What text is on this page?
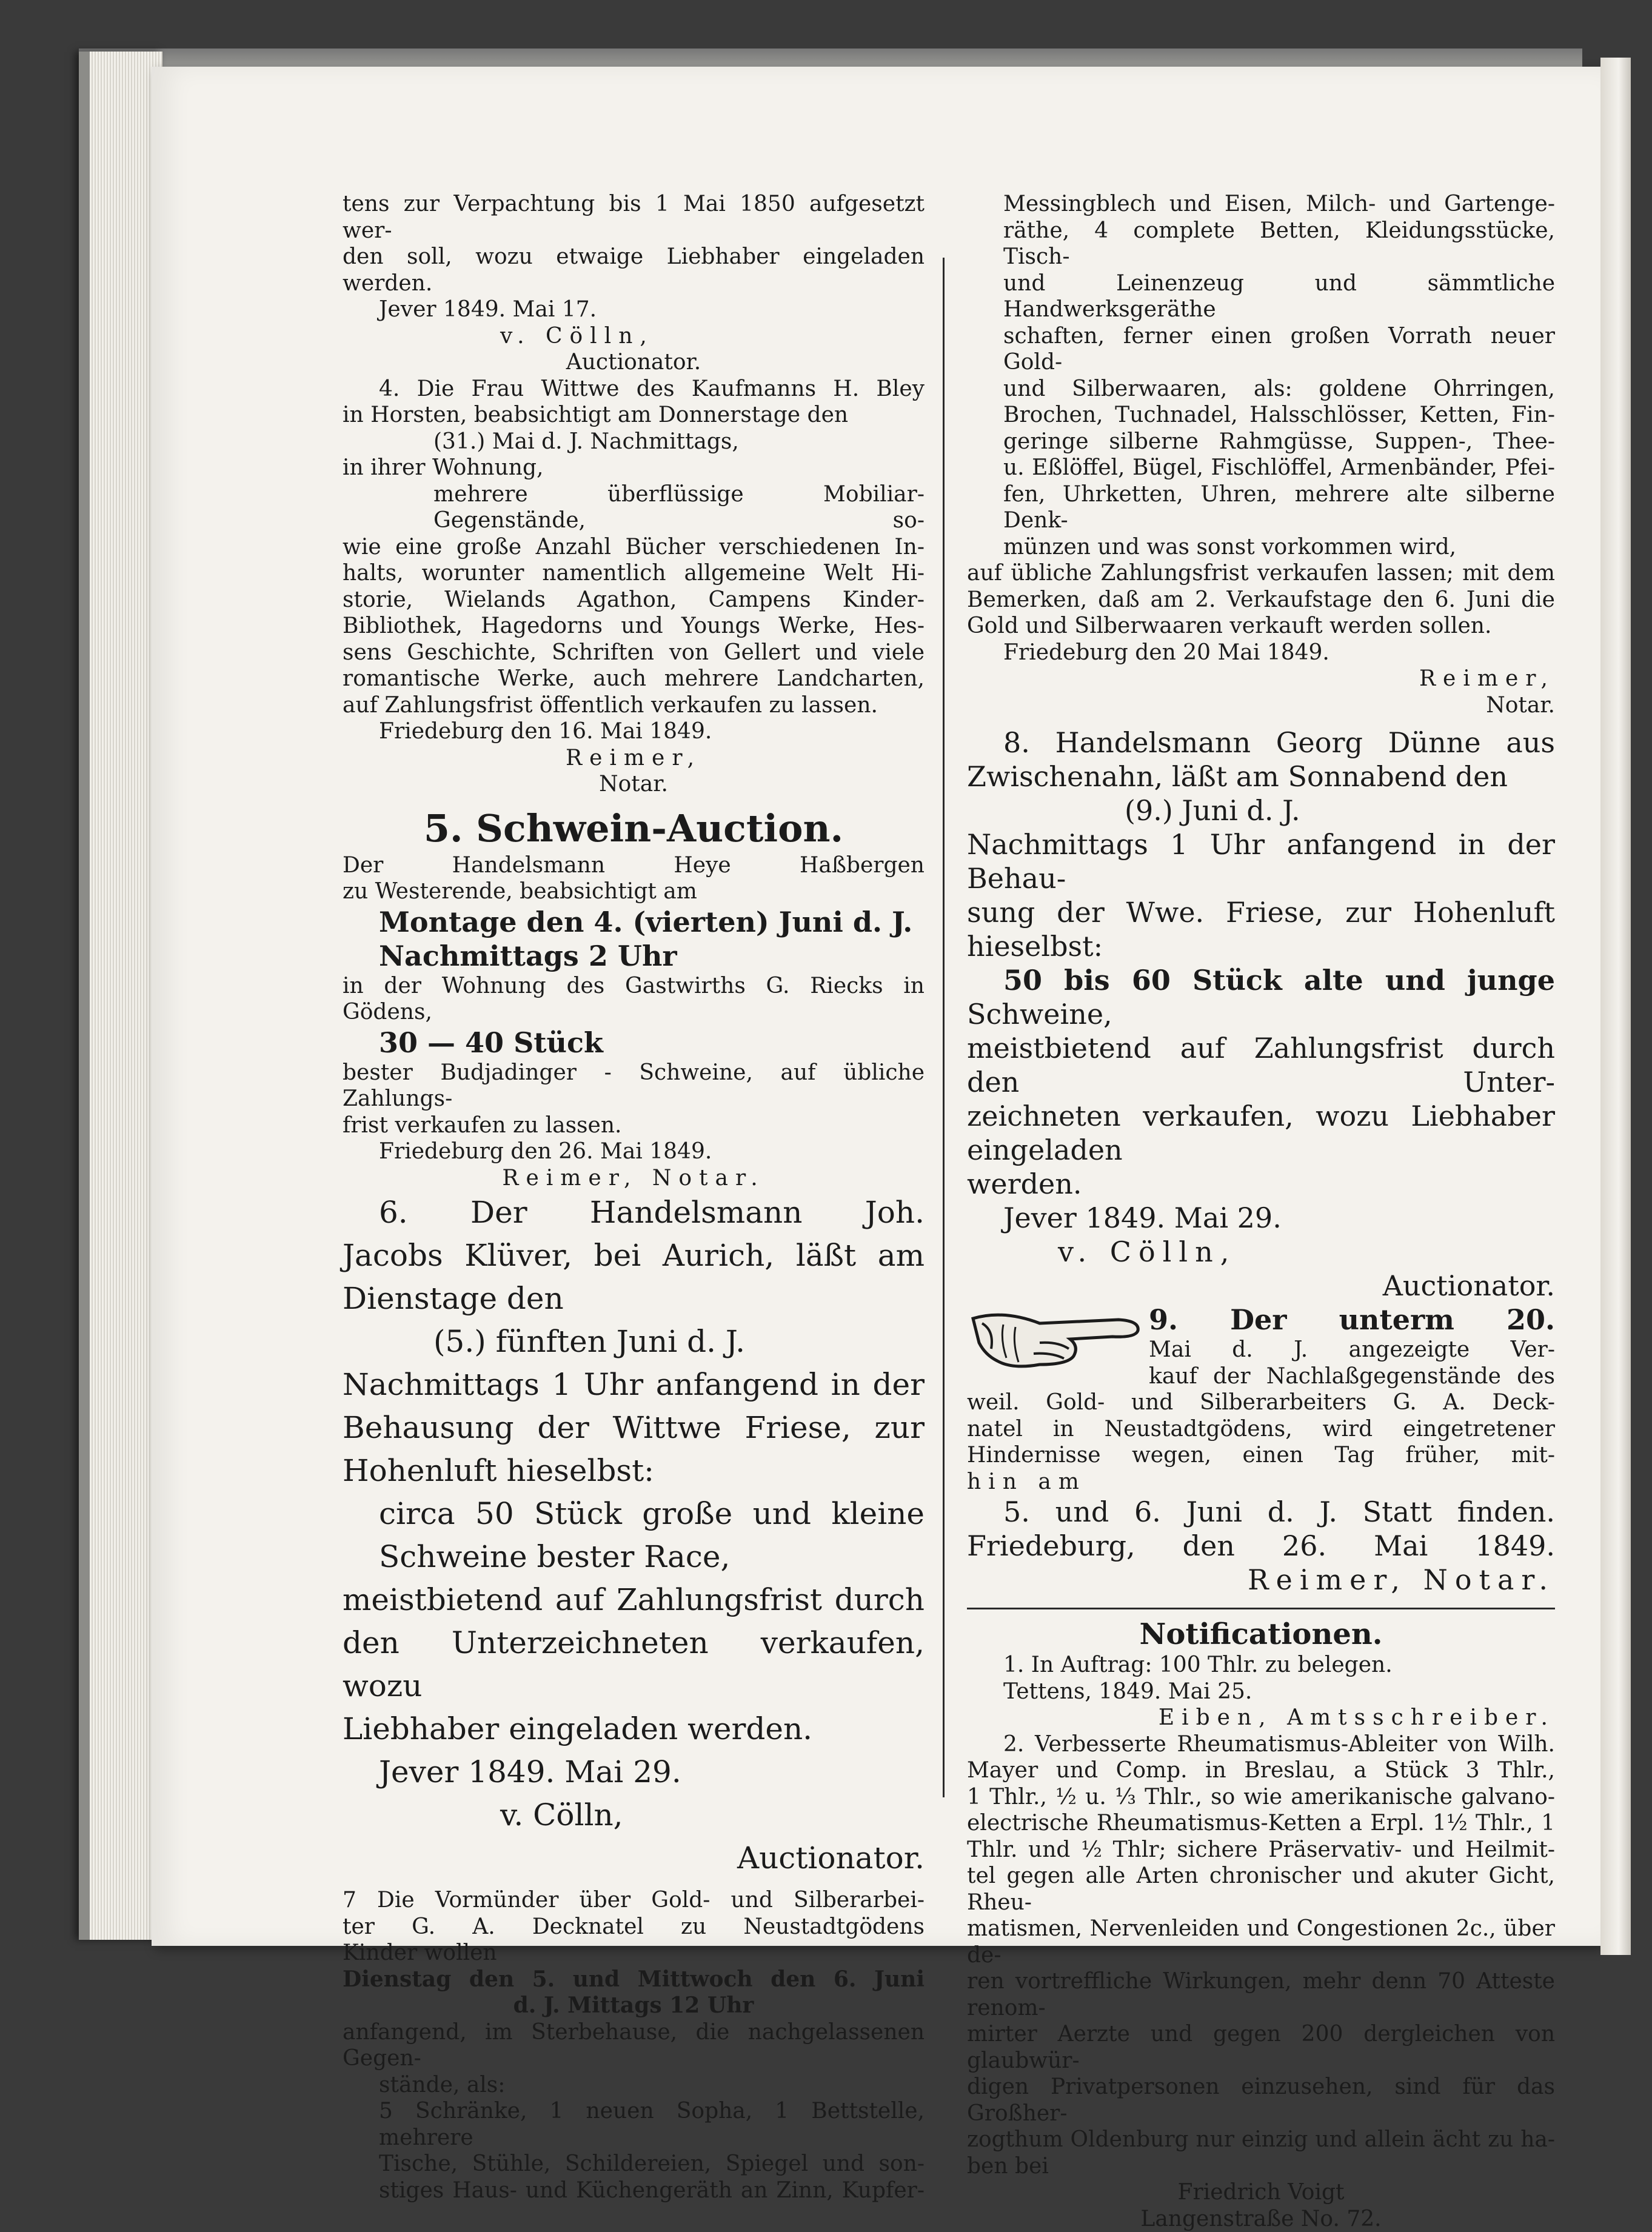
tens zur Verpachtung bis 1 Mai 1850 aufgesetzt wer-

den soll, wozu etwaige Liebhaber eingeladen werden.

Jever 1849. Mai 17.

v. Cölln,

Auctionator.

4. Die Frau Wittwe des Kaufmanns H. Bley

in Horsten, beabsichtigt am Donnerstage den

(31.) Mai d. J. Nachmittags,

in ihrer Wohnung,

mehrere überflüssige Mobiliar-Gegenstände, so-

wie eine große Anzahl Bücher verschiedenen In-

halts, worunter namentlich allgemeine Welt Hi-

storie, Wielands Agathon, Campens Kinder-

Bibliothek, Hagedorns und Youngs Werke, Hes-

sens Geschichte, Schriften von Gellert und viele

romantische Werke, auch mehrere Landcharten,

auf Zahlungsfrist öffentlich verkaufen zu lassen.

Friedeburg den 16. Mai 1849.

Reimer,

Notar.

5. Schwein-Auction.

Der Handelsmann Heye Haßbergen

zu Westerende, beabsichtigt am

Montage den 4. (vierten) Juni d. J.

Nachmittags 2 Uhr

in der Wohnung des Gastwirths G. Riecks in

Gödens,

30 — 40 Stück

bester Budjadinger - Schweine, auf übliche Zahlungs-

frist verkaufen zu lassen.

Friedeburg den 26. Mai 1849.

Reimer, Notar.

6. Der Handelsmann Joh.

Jacobs Klüver, bei Aurich, läßt am

Dienstage den

(5.) fünften Juni d. J.

Nachmittags 1 Uhr anfangend in der

Behausung der Wittwe Friese, zur

Hohenluft hieselbst:

circa 50 Stück große und kleine

Schweine bester Race,

meistbietend auf Zahlungsfrist durch

den Unterzeichneten verkaufen, wozu

Liebhaber eingeladen werden.

Jever 1849. Mai 29.

v. Cölln,

Auctionator.

7 Die Vormünder über Gold- und Silberarbei-

ter G. A. Decknatel zu Neustadtgödens

Kinder wollen

Dienstag den 5. und Mittwoch den 6. Juni

d. J. Mittags 12 Uhr

anfangend, im Sterbehause, die nachgelassenen Gegen-

stände, als:

5 Schränke, 1 neuen Sopha, 1 Bettstelle, mehrere

Tische, Stühle, Schildereien, Spiegel und son-

stiges Haus- und Küchengeräth an Zinn, Kupfer-

Messingblech und Eisen, Milch- und Gartenge-

räthe, 4 complete Betten, Kleidungsstücke, Tisch-

und Leinenzeug und sämmtliche Handwerksgeräthe

schaften, ferner einen großen Vorrath neuer Gold-

und Silberwaaren, als: goldene Ohrringen,

Brochen, Tuchnadel, Halsschlösser, Ketten, Fin-

geringe silberne Rahmgüsse, Suppen-, Thee-

u. Eßlöffel, Bügel, Fischlöffel, Armenbänder, Pfei-

fen, Uhrketten, Uhren, mehrere alte silberne Denk-

münzen und was sonst vorkommen wird,

auf übliche Zahlungsfrist verkaufen lassen; mit dem

Bemerken, daß am 2. Verkaufstage den 6. Juni die

Gold und Silberwaaren verkauft werden sollen.

Friedeburg den 20 Mai 1849.

Reimer,

Notar.

8. Handelsmann Georg Dünne aus

Zwischenahn, läßt am Sonnabend den

(9.) Juni d. J.

Nachmittags 1 Uhr anfangend in der Behau-

sung der Wwe. Friese, zur Hohenluft hieselbst:

50 bis 60 Stück alte und junge

Schweine,

meistbietend auf Zahlungsfrist durch den Unter-

zeichneten verkaufen, wozu Liebhaber eingeladen

werden.

Jever 1849. Mai 29.

v. Cölln,

Auctionator.

9. Der unterm 20.

Mai d. J. angezeigte Ver-

kauf der Nachlaßgegenstände des

weil. Gold- und Silberarbeiters G. A. Deck-

natel in Neustadtgödens, wird eingetretener

Hindernisse wegen, einen Tag früher, mit-

hin am

5. und 6. Juni d. J. Statt finden.

Friedeburg, den 26. Mai 1849.

Reimer, Notar.

Notificationen.

1. In Auftrag: 100 Thlr. zu belegen.

Tettens, 1849. Mai 25.

Eiben, Amtsschreiber.

2. Verbesserte Rheumatismus-Ableiter von Wilh.

Mayer und Comp. in Breslau, a Stück 3 Thlr.,

1 Thlr., ½ u. ⅓ Thlr., so wie amerikanische galvano-

electrische Rheumatismus-Ketten a Erpl. 1½ Thlr., 1

Thlr. und ½ Thlr; sichere Präservativ- und Heilmit-

tel gegen alle Arten chronischer und akuter Gicht, Rheu-

matismen, Nervenleiden und Congestionen 2c., über de-

ren vortreffliche Wirkungen, mehr denn 70 Atteste renom-

mirter Aerzte und gegen 200 dergleichen von glaubwür-

digen Privatpersonen einzusehen, sind für das Großher-

zogthum Oldenburg nur einzig und allein ächt zu ha-

ben bei

Friedrich Voigt

Langenstraße No. 72.
